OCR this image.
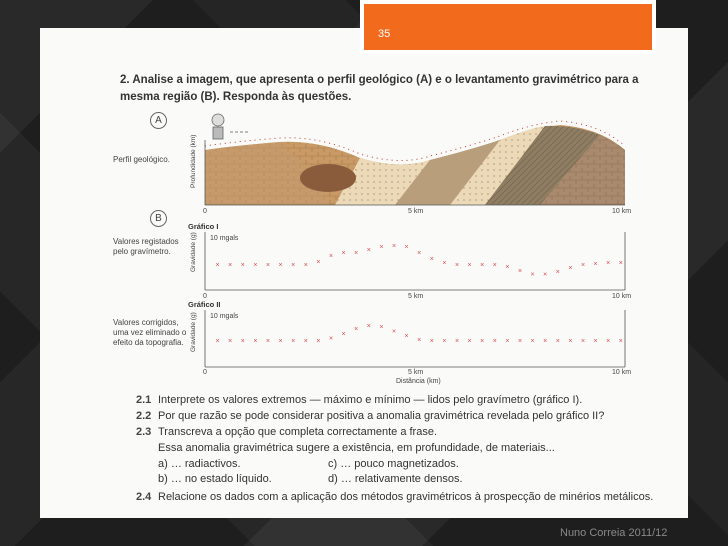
35
2. Analise a imagem, que apresenta o perfil geológico (A) e o levantamento gravimétrico para a mesma região (B). Responda às questões.
A
B
Perfil geológico.
Valores registados pelo gravímetro.
Valores corrigidos, uma vez eliminado o efeito da topografia.
Profundidade (km)
× × × × × × × × ×
× × × × × × ×
×
×
× × × × × ×
×
× × ×
× × × × ×
× × × × × × × × × ×
×
× × ×
×
×
× × × × × × × × × × × × × × × × ×
0	5 km	10 km
Gráfico I
10 mgals
Gravidade (g)
0	5 km	10 km
Gráfico II
10 mgals
Gravidade (g)
0	5 km	10 km
Distância (km)
2.1 Interprete os valores extremos — máximo e mínimo — lidos pelo gravímetro (gráfico I).
2.2 Por que razão se pode considerar positiva a anomalia gravimétrica revelada pelo gráfico II?
2.3 Transcreva a opção que completa correctamente a frase.
Essa anomalia gravimétrica sugere a existência, em profundidade, de materiais...
a) … radiactivos.	c) … pouco magnetizados.
b) … no estado líquido.	d) … relativamente densos.
2.4 Relacione os dados com a aplicação dos métodos gravimétricos à prospecção de minérios metálicos.
Nuno Correia 2011/12
